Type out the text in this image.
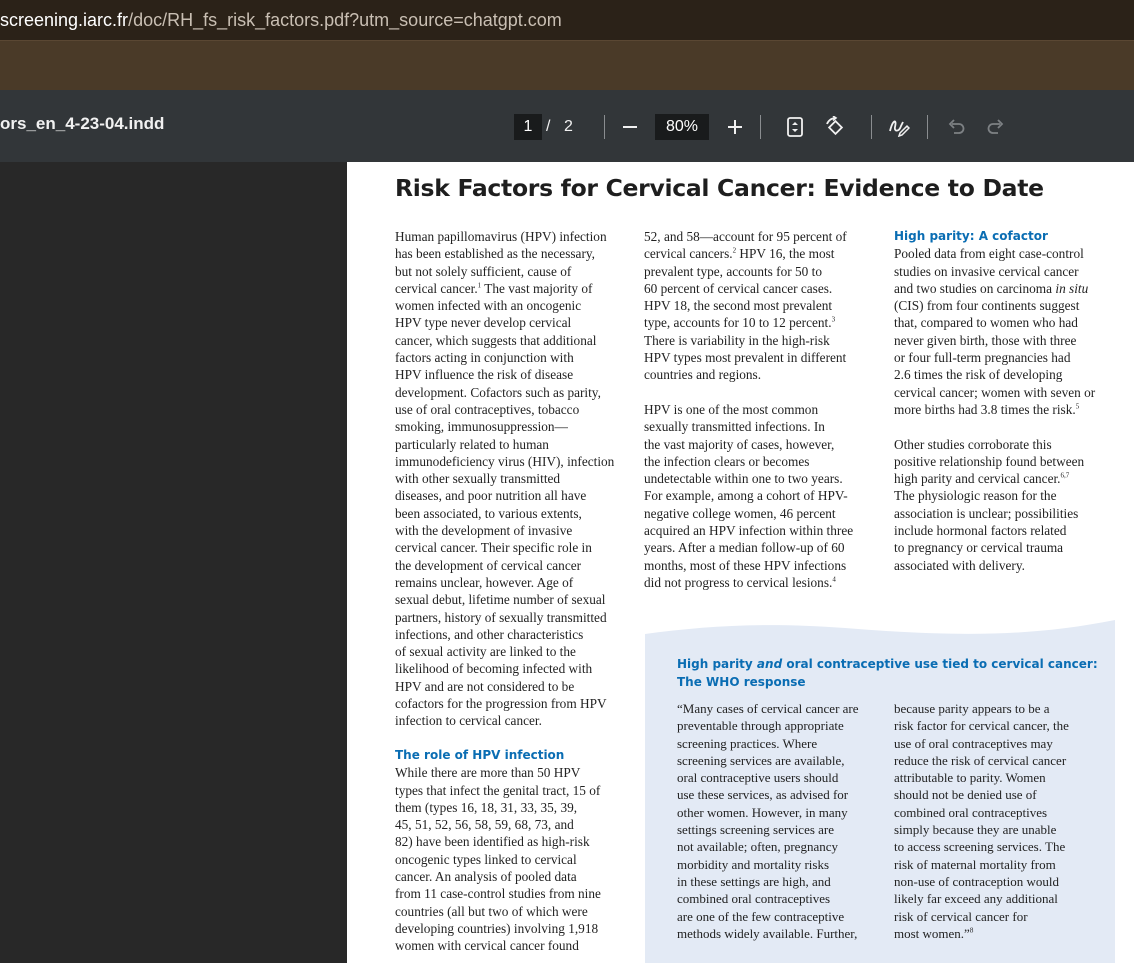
screening.iarc.fr/doc/RH_fs_risk_factors.pdf?utm_source=chatgpt.com
ors_en_4-23-04.indd	1 / 2	80%
Risk Factors for Cervical Cancer: Evidence to Date

Human papillomavirus (HPV) infection

has been established as the necessary,

but not solely sufficient, cause of

cervical cancer.$^1$ The vast majority of

women infected with an oncogenic

HPV type never develop cervical

cancer, which suggests that additional

factors acting in conjunction with

HPV influence the risk of disease

development. Cofactors such as parity,

use of oral contraceptives, tobacco

smoking, immunosuppression—

particularly related to human

immunodeficiency virus (HIV), infection

with other sexually transmitted

diseases, and poor nutrition all have

been associated, to various extents,

with the development of invasive

cervical cancer. Their specific role in

the development of cervical cancer

remains unclear, however. Age of

sexual debut, lifetime number of sexual

partners, history of sexually transmitted

infections, and other characteristics

of sexual activity are linked to the

likelihood of becoming infected with

HPV and are not considered to be

cofactors for the progression from HPV

infection to cervical cancer.

The role of HPV infection

While there are more than 50 HPV

types that infect the genital tract, 15 of

them (types 16, 18, 31, 33, 35, 39,

45, 51, 52, 56, 58, 59, 68, 73, and

82) have been identified as high-risk

oncogenic types linked to cervical

cancer. An analysis of pooled data

from 11 case-control studies from nine

countries (all but two of which were

developing countries) involving 1,918

women with cervical cancer found

52, and 58—account for 95 percent of

cervical cancers.$^2$ HPV 16, the most

prevalent type, accounts for 50 to

60 percent of cervical cancer cases.

HPV 18, the second most prevalent

type, accounts for 10 to 12 percent.$^3$

There is variability in the high-risk

HPV types most prevalent in different

countries and regions.

HPV is one of the most common

sexually transmitted infections. In

the vast majority of cases, however,

the infection clears or becomes

undetectable within one to two years.

For example, among a cohort of HPV-

negative college women, 46 percent

acquired an HPV infection within three

years. After a median follow-up of 60

months, most of these HPV infections

did not progress to cervical lesions.$^4$

High parity: A cofactor

Pooled data from eight case-control

studies on invasive cervical cancer

and two studies on carcinoma in situ

(CIS) from four continents suggest

that, compared to women who had

never given birth, those with three

or four full-term pregnancies had

2.6 times the risk of developing

cervical cancer; women with seven or

more births had 3.8 times the risk.$^5$

Other studies corroborate this

positive relationship found between

high parity and cervical cancer.$^{6,7}$

The physiologic reason for the

association is unclear; possibilities

include hormonal factors related

to pregnancy or cervical trauma

associated with delivery.

High parity and oral contraceptive use tied to cervical cancer:
The WHO response

“Many cases of cervical cancer are

preventable through appropriate

screening practices. Where

screening services are available,

oral contraceptive users should

use these services, as advised for

other women. However, in many

settings screening services are

not available; often, pregnancy

morbidity and mortality risks

in these settings are high, and

combined oral contraceptives

are one of the few contraceptive

methods widely available. Further,

because parity appears to be a

risk factor for cervical cancer, the

use of oral contraceptives may

reduce the risk of cervical cancer

attributable to parity. Women

should not be denied use of

combined oral contraceptives

simply because they are unable

to access screening services. The

risk of maternal mortality from

non-use of contraception would

likely far exceed any additional

risk of cervical cancer for

most women.”$^8$
